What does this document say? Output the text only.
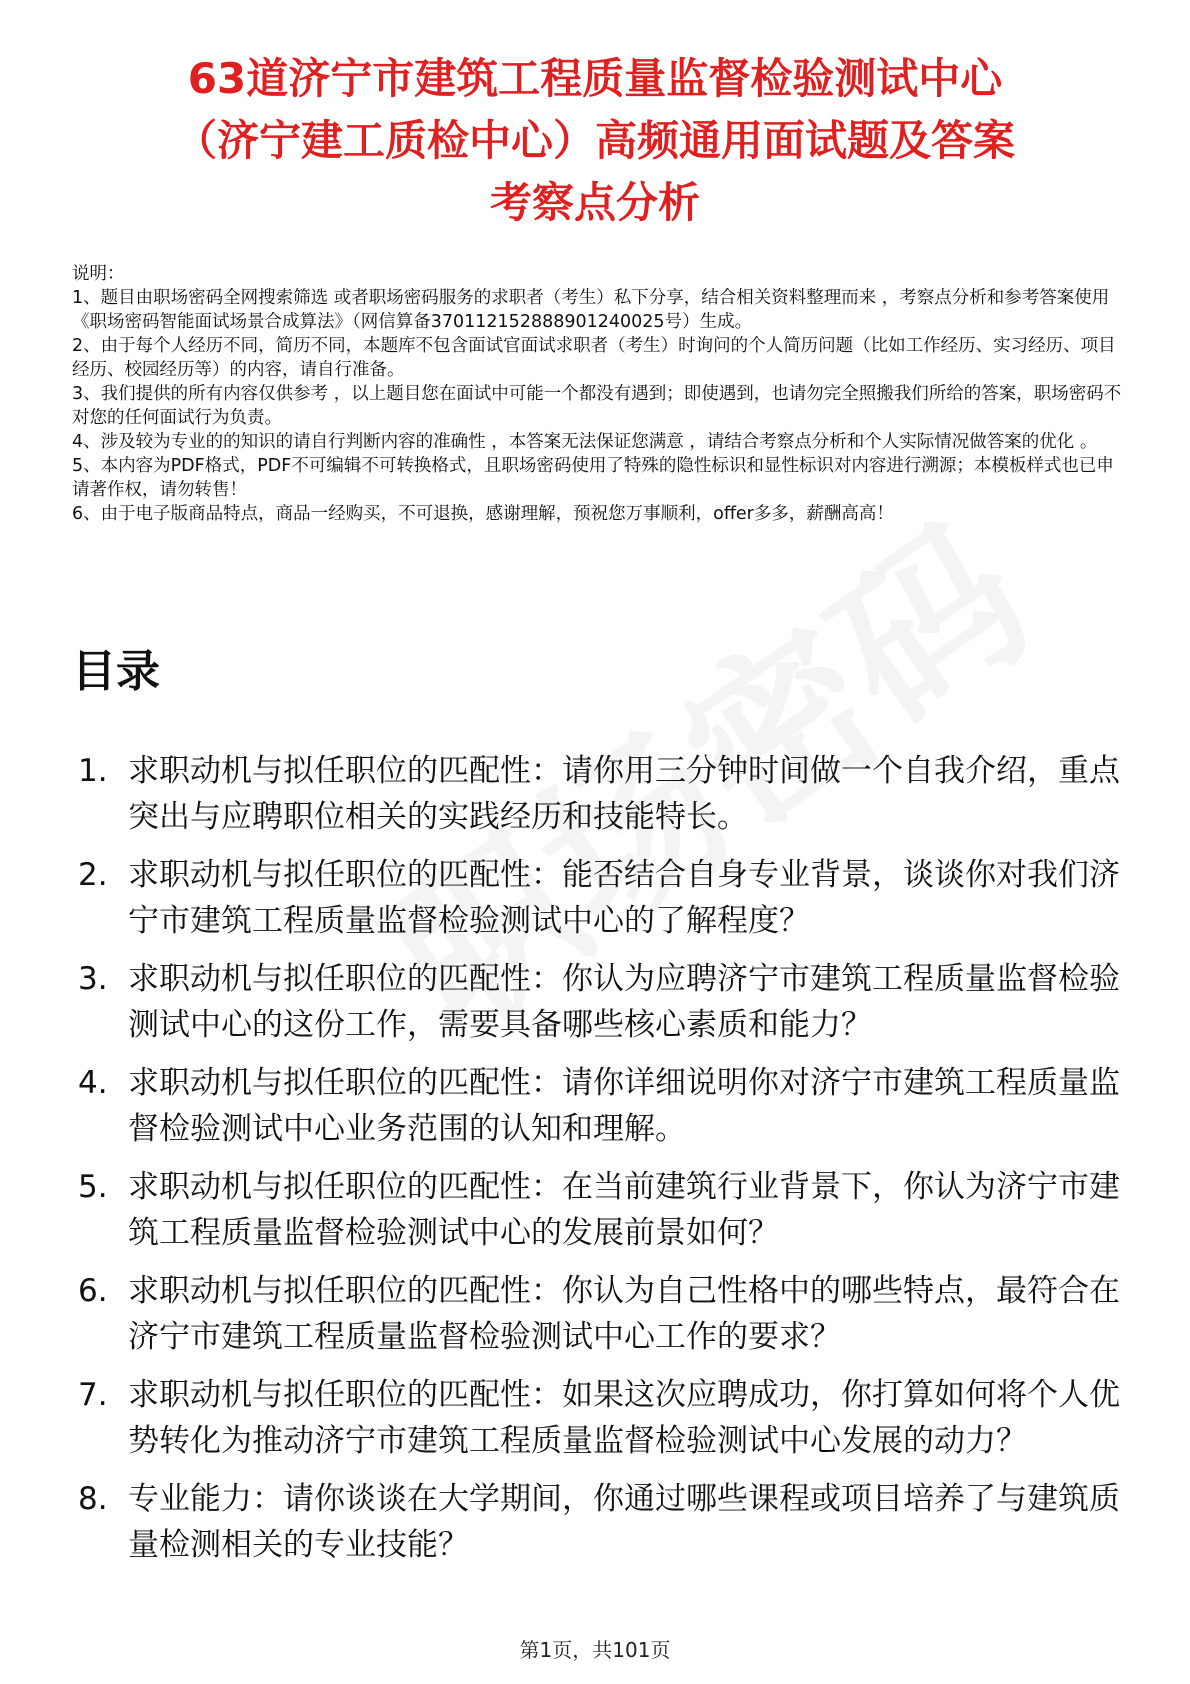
63道济宁市建筑工程质量监督检验测试中心
（济宁建工质检中心）高频通用面试题及答案
考察点分析
说明：
1、题目由职场密码全网搜索筛选 或者职场密码服务的求职者（考生）私下分享，结合相关资料整理而来 ，考察点分析和参考答案使用《职场密码智能面试场景合成算法》（网信算备370112152888901240025号）生成。
2、由于每个人经历不同，简历不同，本题库不包含面试官面试求职者（考生）时询问的个人简历问题（比如工作经历、实习经历、项目经历、校园经历等）的内容，请自行准备。
3、我们提供的所有内容仅供参考 ，以上题目您在面试中可能一个都没有遇到；即使遇到，也请勿完全照搬我们所给的答案，职场密码不对您的任何面试行为负责。
4、涉及较为专业的的知识的请自行判断内容的准确性 ，本答案无法保证您满意 ，请结合考察点分析和个人实际情况做答案的优化 。
5、本内容为PDF格式，PDF不可编辑不可转换格式，且职场密码使用了特殊的隐性标识和显性标识对内容进行溯源；本模板样式也已申请著作权，请勿转售！
6、由于电子版商品特点，商品一经购买，不可退换，感谢理解，预祝您万事顺利，offer多多，薪酬高高！
目录
1. 求职动机与拟任职位的匹配性：请你用三分钟时间做一个自我介绍，重点突出与应聘职位相关的实践经历和技能特长。
2. 求职动机与拟任职位的匹配性：能否结合自身专业背景，谈谈你对我们济宁市建筑工程质量监督检验测试中心的了解程度？
3. 求职动机与拟任职位的匹配性：你认为应聘济宁市建筑工程质量监督检验测试中心的这份工作，需要具备哪些核心素质和能力？
4. 求职动机与拟任职位的匹配性：请你详细说明你对济宁市建筑工程质量监督检验测试中心业务范围的认知和理解。
5. 求职动机与拟任职位的匹配性：在当前建筑行业背景下，你认为济宁市建筑工程质量监督检验测试中心的发展前景如何？
6. 求职动机与拟任职位的匹配性：你认为自己性格中的哪些特点，最符合在济宁市建筑工程质量监督检验测试中心工作的要求？
7. 求职动机与拟任职位的匹配性：如果这次应聘成功，你打算如何将个人优势转化为推动济宁市建筑工程质量监督检验测试中心发展的动力？
8. 专业能力：请你谈谈在大学期间，你通过哪些课程或项目培养了与建筑质量检测相关的专业技能？
第1页，共101页
